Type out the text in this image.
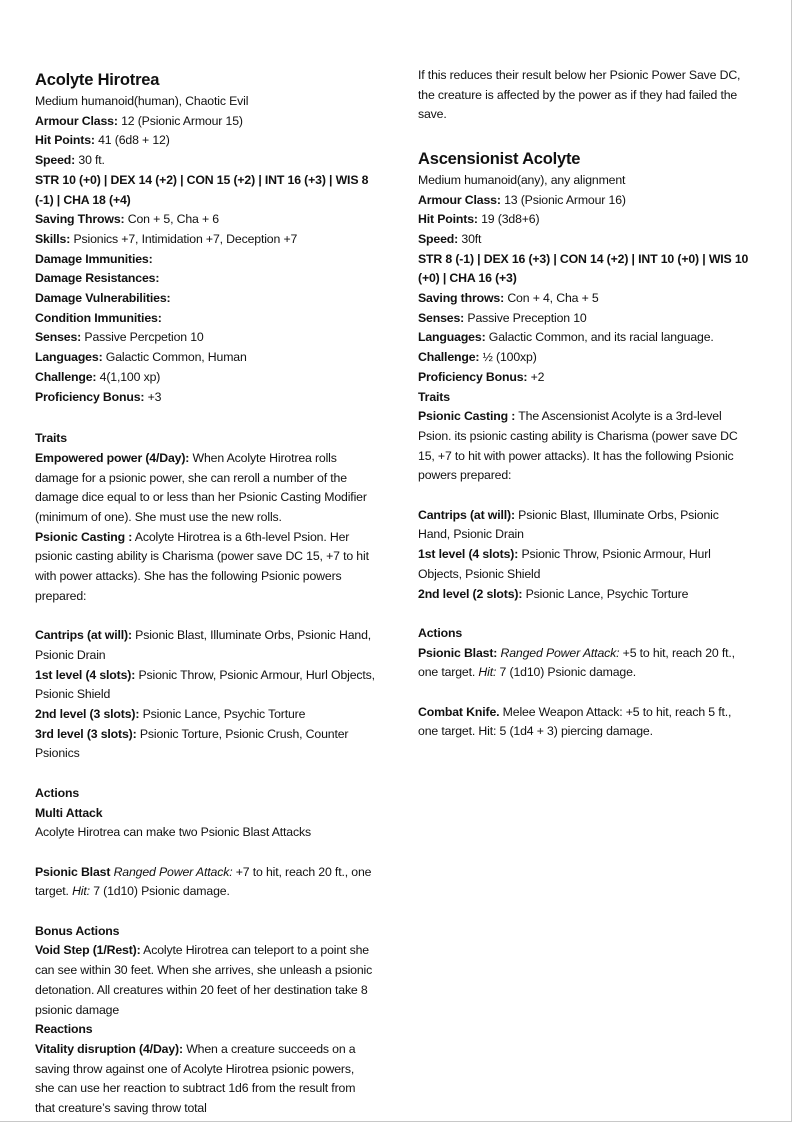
Acolyte Hirotrea

Medium humanoid(human), Chaotic Evil

Armour Class: 12 (Psionic Armour 15)

Hit Points: 41 (6d8 + 12)

Speed: 30 ft.

STR 10 (+0) | DEX 14 (+2) | CON 15 (+2) | INT 16 (+3) | WIS 8 (-1) | CHA 18 (+4)

Saving Throws: Con + 5, Cha + 6

Skills: Psionics +7, Intimidation +7, Deception +7

Damage Immunities:

Damage Resistances:

Damage Vulnerabilities:

Condition Immunities:

Senses: Passive Percpetion 10

Languages: Galactic Common, Human

Challenge: 4(1,100 xp)

Proficiency Bonus: +3

Traits

Empowered power (4/Day): When Acolyte Hirotrea rolls damage for a psionic power, she can reroll a number of the damage dice equal to or less than her Psionic Casting Modifier (minimum of one). She must use the new rolls.

Psionic Casting : Acolyte Hirotrea is a 6th-level Psion. Her psionic casting ability is Charisma (power save DC 15, +7 to hit with power attacks). She has the following Psionic powers prepared:

Cantrips (at will): Psionic Blast, Illuminate Orbs, Psionic Hand, Psionic Drain

1st level (4 slots): Psionic Throw, Psionic Armour, Hurl Objects, Psionic Shield

2nd level (3 slots): Psionic Lance, Psychic Torture

3rd level (3 slots): Psionic Torture, Psionic Crush, Counter Psionics

Actions

Multi Attack

Acolyte Hirotrea can make two Psionic Blast Attacks

Psionic Blast Ranged Power Attack: +7 to hit, reach 20 ft., one target. Hit: 7 (1d10) Psionic damage.

Bonus Actions

Void Step (1/Rest): Acolyte Hirotrea can teleport to a point she can see within 30 feet. When she arrives, she unleash a psionic detonation. All creatures within 20 feet of her destination take 8 psionic damage

Reactions

Vitality disruption (4/Day): When a creature succeeds on a saving throw against one of Acolyte Hirotrea psionic powers, she can use her reaction to subtract 1d6 from the result from that creature’s saving throw total

If this reduces their result below her Psionic Power Save DC, the creature is affected by the power as if they had failed the save.

Ascensionist Acolyte

Medium humanoid(any), any alignment

Armour Class: 13 (Psionic Armour 16)

Hit Points: 19 (3d8+6)

Speed: 30ft

STR 8 (-1) | DEX 16 (+3) | CON 14 (+2) | INT 10 (+0) | WIS 10 (+0) | CHA 16 (+3)

Saving throws: Con + 4, Cha + 5

Senses: Passive Preception 10

Languages: Galactic Common, and its racial language.

Challenge: ½ (100xp)

Proficiency Bonus: +2

Traits

Psionic Casting : The Ascensionist Acolyte is a 3rd-level Psion. its psionic casting ability is Charisma (power save DC 15, +7 to hit with power attacks). It has the following Psionic powers prepared:

Cantrips (at will): Psionic Blast, Illuminate Orbs, Psionic Hand, Psionic Drain

1st level (4 slots): Psionic Throw, Psionic Armour, Hurl Objects, Psionic Shield

2nd level (2 slots): Psionic Lance, Psychic Torture

Actions

Psionic Blast: Ranged Power Attack: +5 to hit, reach 20 ft., one target. Hit: 7 (1d10) Psionic damage.

Combat Knife. Melee Weapon Attack: +5 to hit, reach 5 ft., one target. Hit: 5 (1d4 + 3) piercing damage.
